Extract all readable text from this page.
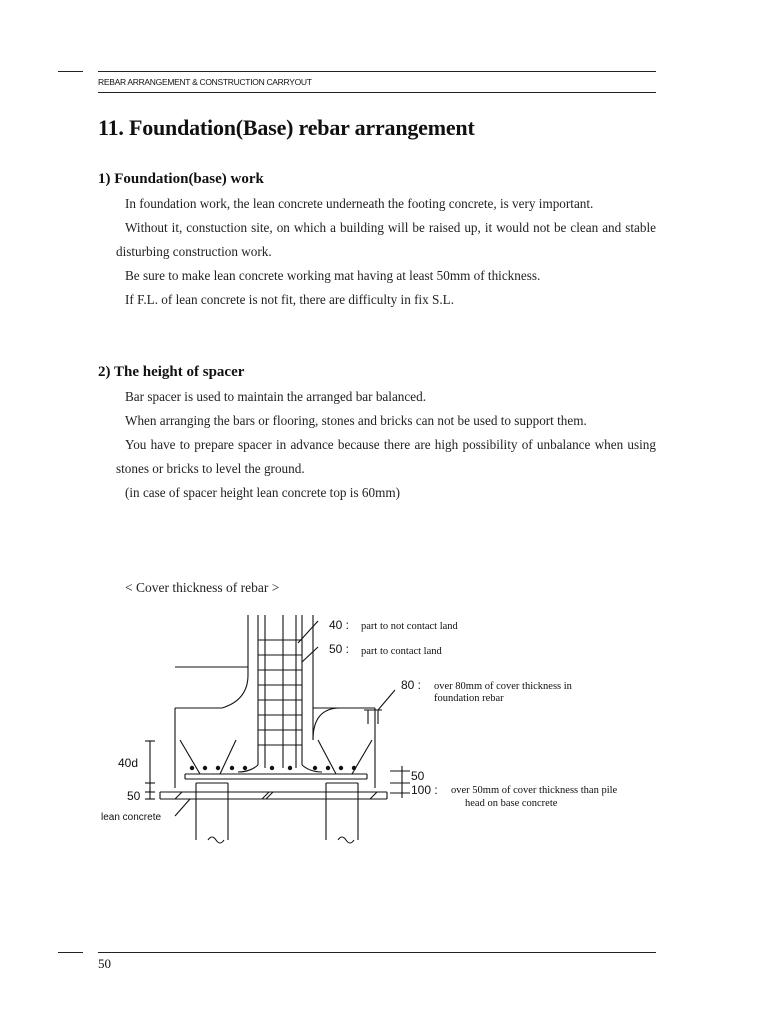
REBAR ARRANGEMENT & CONSTRUCTION CARRYOUT
11. Foundation(Base) rebar arrangement

1) Foundation(base) work

In foundation work, the lean concrete underneath the footing concrete, is very important.

Without it, constuction site, on which a building will be raised up, it would not be clean and stable disturbing construction work.

Be sure to make lean concrete working mat having at least 50mm of thickness.

If F.L. of lean concrete is not fit, there are difficulty in fix S.L.

2) The height of spacer

Bar spacer is used to maintain the arranged bar balanced.

When arranging the bars or flooring, stones and bricks can not be used to support them.

You have to prepare spacer in advance because there are high possibility of unbalance when using stones or bricks to level the ground.

(in case of spacer height lean concrete top is 60mm)

< Cover thickness of rebar >
40 : part to not contact land
50 : part to contact land
80 : over 80mm of cover thickness in
foundation rebar
40d
50
lean concrete
50
100 : over 50mm of cover thickness than pile
head on base concrete
50
